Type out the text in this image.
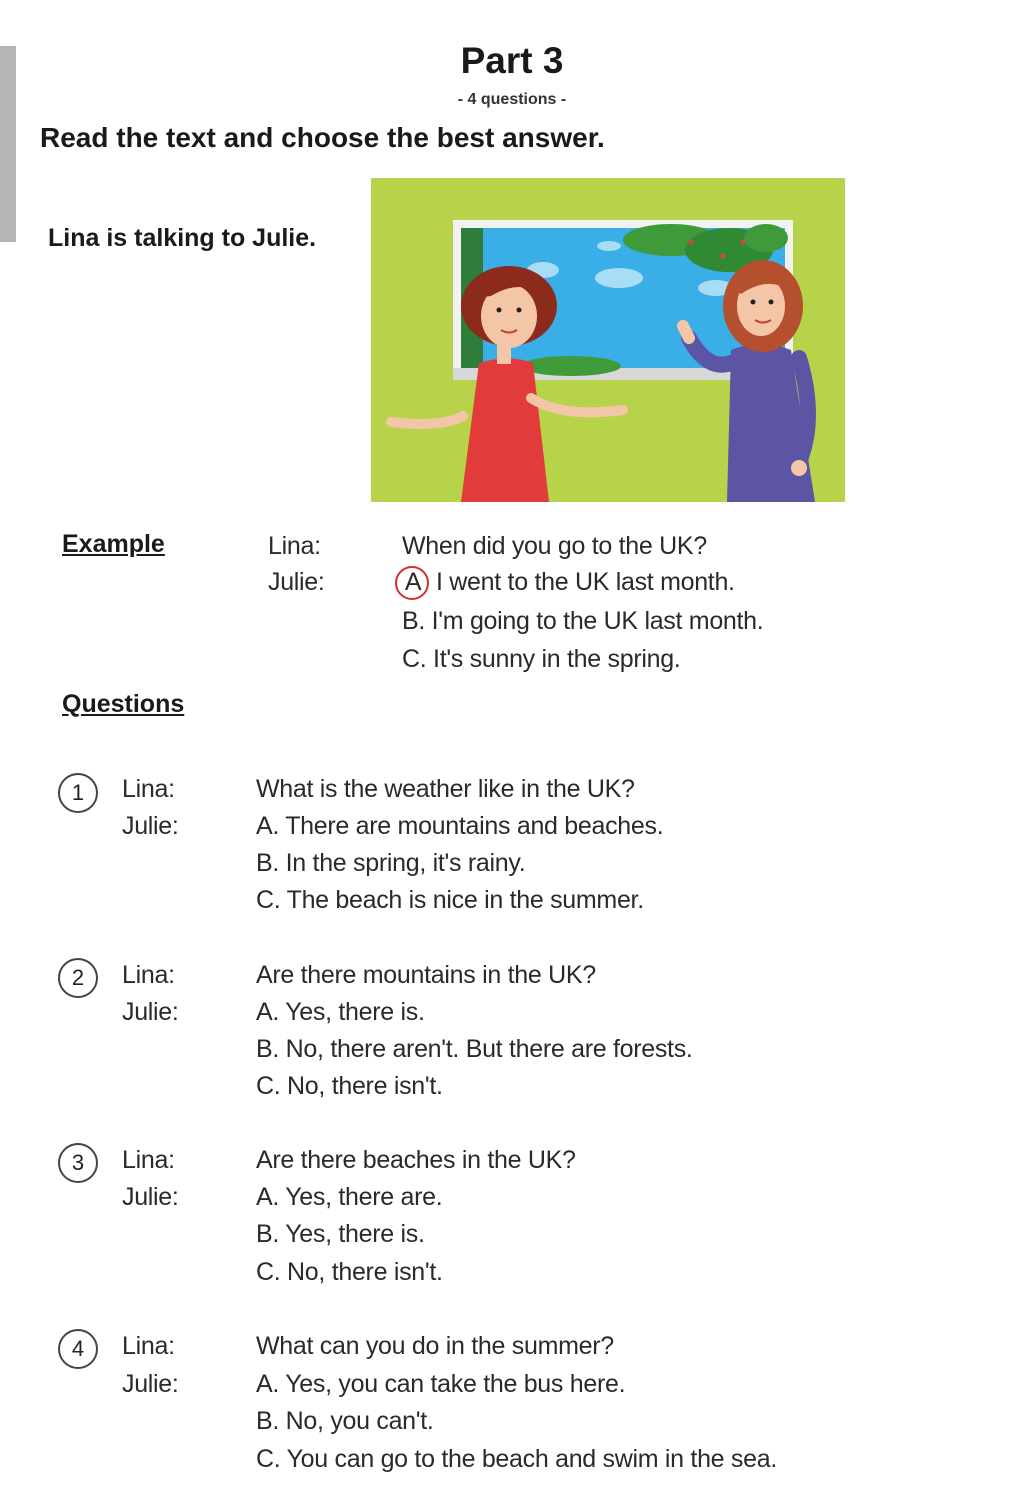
Part 3
- 4 questions -
Read the text and choose the best answer.
Lina is talking to Julie.
Example	Lina:	When did you go to the UK?
Julie:	A I went to the UK last month.
B. I'm going to the UK last month.
C. It's sunny in the spring.
Questions
1	Lina:	What is the weather like in the UK?
Julie:	A. There are mountains and beaches.
B. In the spring, it's rainy.
C. The beach is nice in the summer.
2	Lina:	Are there mountains in the UK?
Julie:	A. Yes, there is.
B. No, there aren't. But there are forests.
C. No, there isn't.
3	Lina:	Are there beaches in the UK?
Julie:	A. Yes, there are.
B. Yes, there is.
C. No, there isn't.
4	Lina:	What can you do in the summer?
Julie:	A. Yes, you can take the bus here.
B. No, you can't.
C. You can go to the beach and swim in the sea.
